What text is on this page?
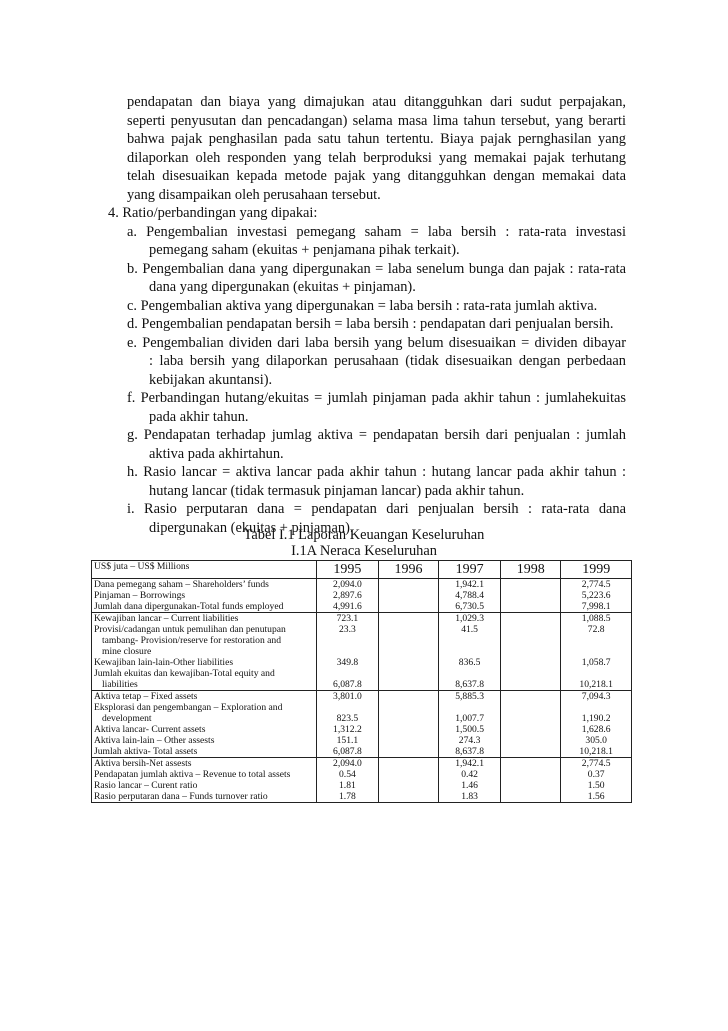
pendapatan dan biaya yang dimajukan atau ditangguhkan dari sudut perpajakan,
seperti penyusutan dan pencadangan) selama masa lima tahun tersebut, yang berarti
bahwa pajak penghasilan pada satu tahun tertentu. Biaya pajak pernghasilan yang
dilaporkan oleh responden yang telah berproduksi yang memakai pajak terhutang
telah disesuaikan kepada metode pajak yang ditangguhkan dengan memakai data
yang disampaikan oleh perusahaan tersebut.
4. Ratio/perbandingan yang dipakai:
a. Pengembalian investasi pemegang saham = laba bersih : rata-rata investasi
pemegang saham (ekuitas + penjamana pihak terkait).
b. Pengembalian dana yang dipergunakan = laba senelum bunga dan pajak : rata-rata
dana yang dipergunakan (ekuitas + pinjaman).
c. Pengembalian aktiva yang dipergunakan = laba bersih : rata-rata jumlah aktiva.
d. Pengembalian pendapatan bersih = laba bersih : pendapatan dari penjualan bersih.
e. Pengembalian dividen dari laba bersih yang belum disesuaikan = dividen dibayar
: laba bersih yang dilaporkan perusahaan (tidak disesuaikan dengan perbedaan
kebijakan akuntansi).
f. Perbandingan hutang/ekuitas = jumlah pinjaman pada akhir tahun : jumlahekuitas
pada akhir tahun.
g. Pendapatan terhadap jumlag aktiva = pendapatan bersih dari penjualan : jumlah
aktiva pada akhirtahun.
h. Rasio lancar = aktiva lancar pada akhir tahun : hutang lancar pada akhir tahun :
hutang lancar (tidak termasuk pinjaman lancar) pada akhir tahun.
i. Rasio perputaran dana = pendapatan dari penjualan bersih : rata-rata dana
dipergunakan (ekuitas + pinjaman).
Tabel I.1 Laporan Keuangan Keseluruhan
I.1A Neraca Keseluruhan
US$ juta – US$ Millions	1995	1996	1997	1998	1999

Dana pemegang saham – Shareholders’ funds	2,094.0		1,942.1		2,774.5

Pinjaman – Borrowings	2,897.6		4,788.4		5,223.6

Jumlah dana dipergunakan-Total funds employed	4,991.6		6,730.5		7,998.1

Kewajiban lancar – Current liabilities	723.1		1,029.3		1,088.5

Provisi/cadangan untuk pemulihan dan penutupan
tambang- Provision/reserve for restoration and
mine closure	23.3		41.5		72.8

Kewajiban lain-lain-Other liabilities	349.8		836.5		1,058.7

Jumlah ekuitas dan kewajiban-Total equity and
liabilities	6,087.8		8,637.8		10,218.1

Aktiva tetap – Fixed assets	3,801.0		5,885.3		7,094.3

Eksplorasi dan pengembangan – Exploration and
development	823.5		1,007.7		1,190.2

Aktiva lancar- Current assets	1,312.2		1,500.5		1,628.6

Aktiva lain-lain – Other assests	151.1		274.3		305.0

Jumlah aktiva- Total assets	6,087.8		8,637.8		10,218.1

Aktiva bersih-Net assests	2,094.0		1,942.1		2,774.5

Pendapatan jumlah aktiva – Revenue to total assets	0.54		0.42		0.37

Rasio lancar – Curent ratio	1.81		1.46		1.50

Rasio perputaran dana – Funds turnover ratio	1.78		1.83		1.56
